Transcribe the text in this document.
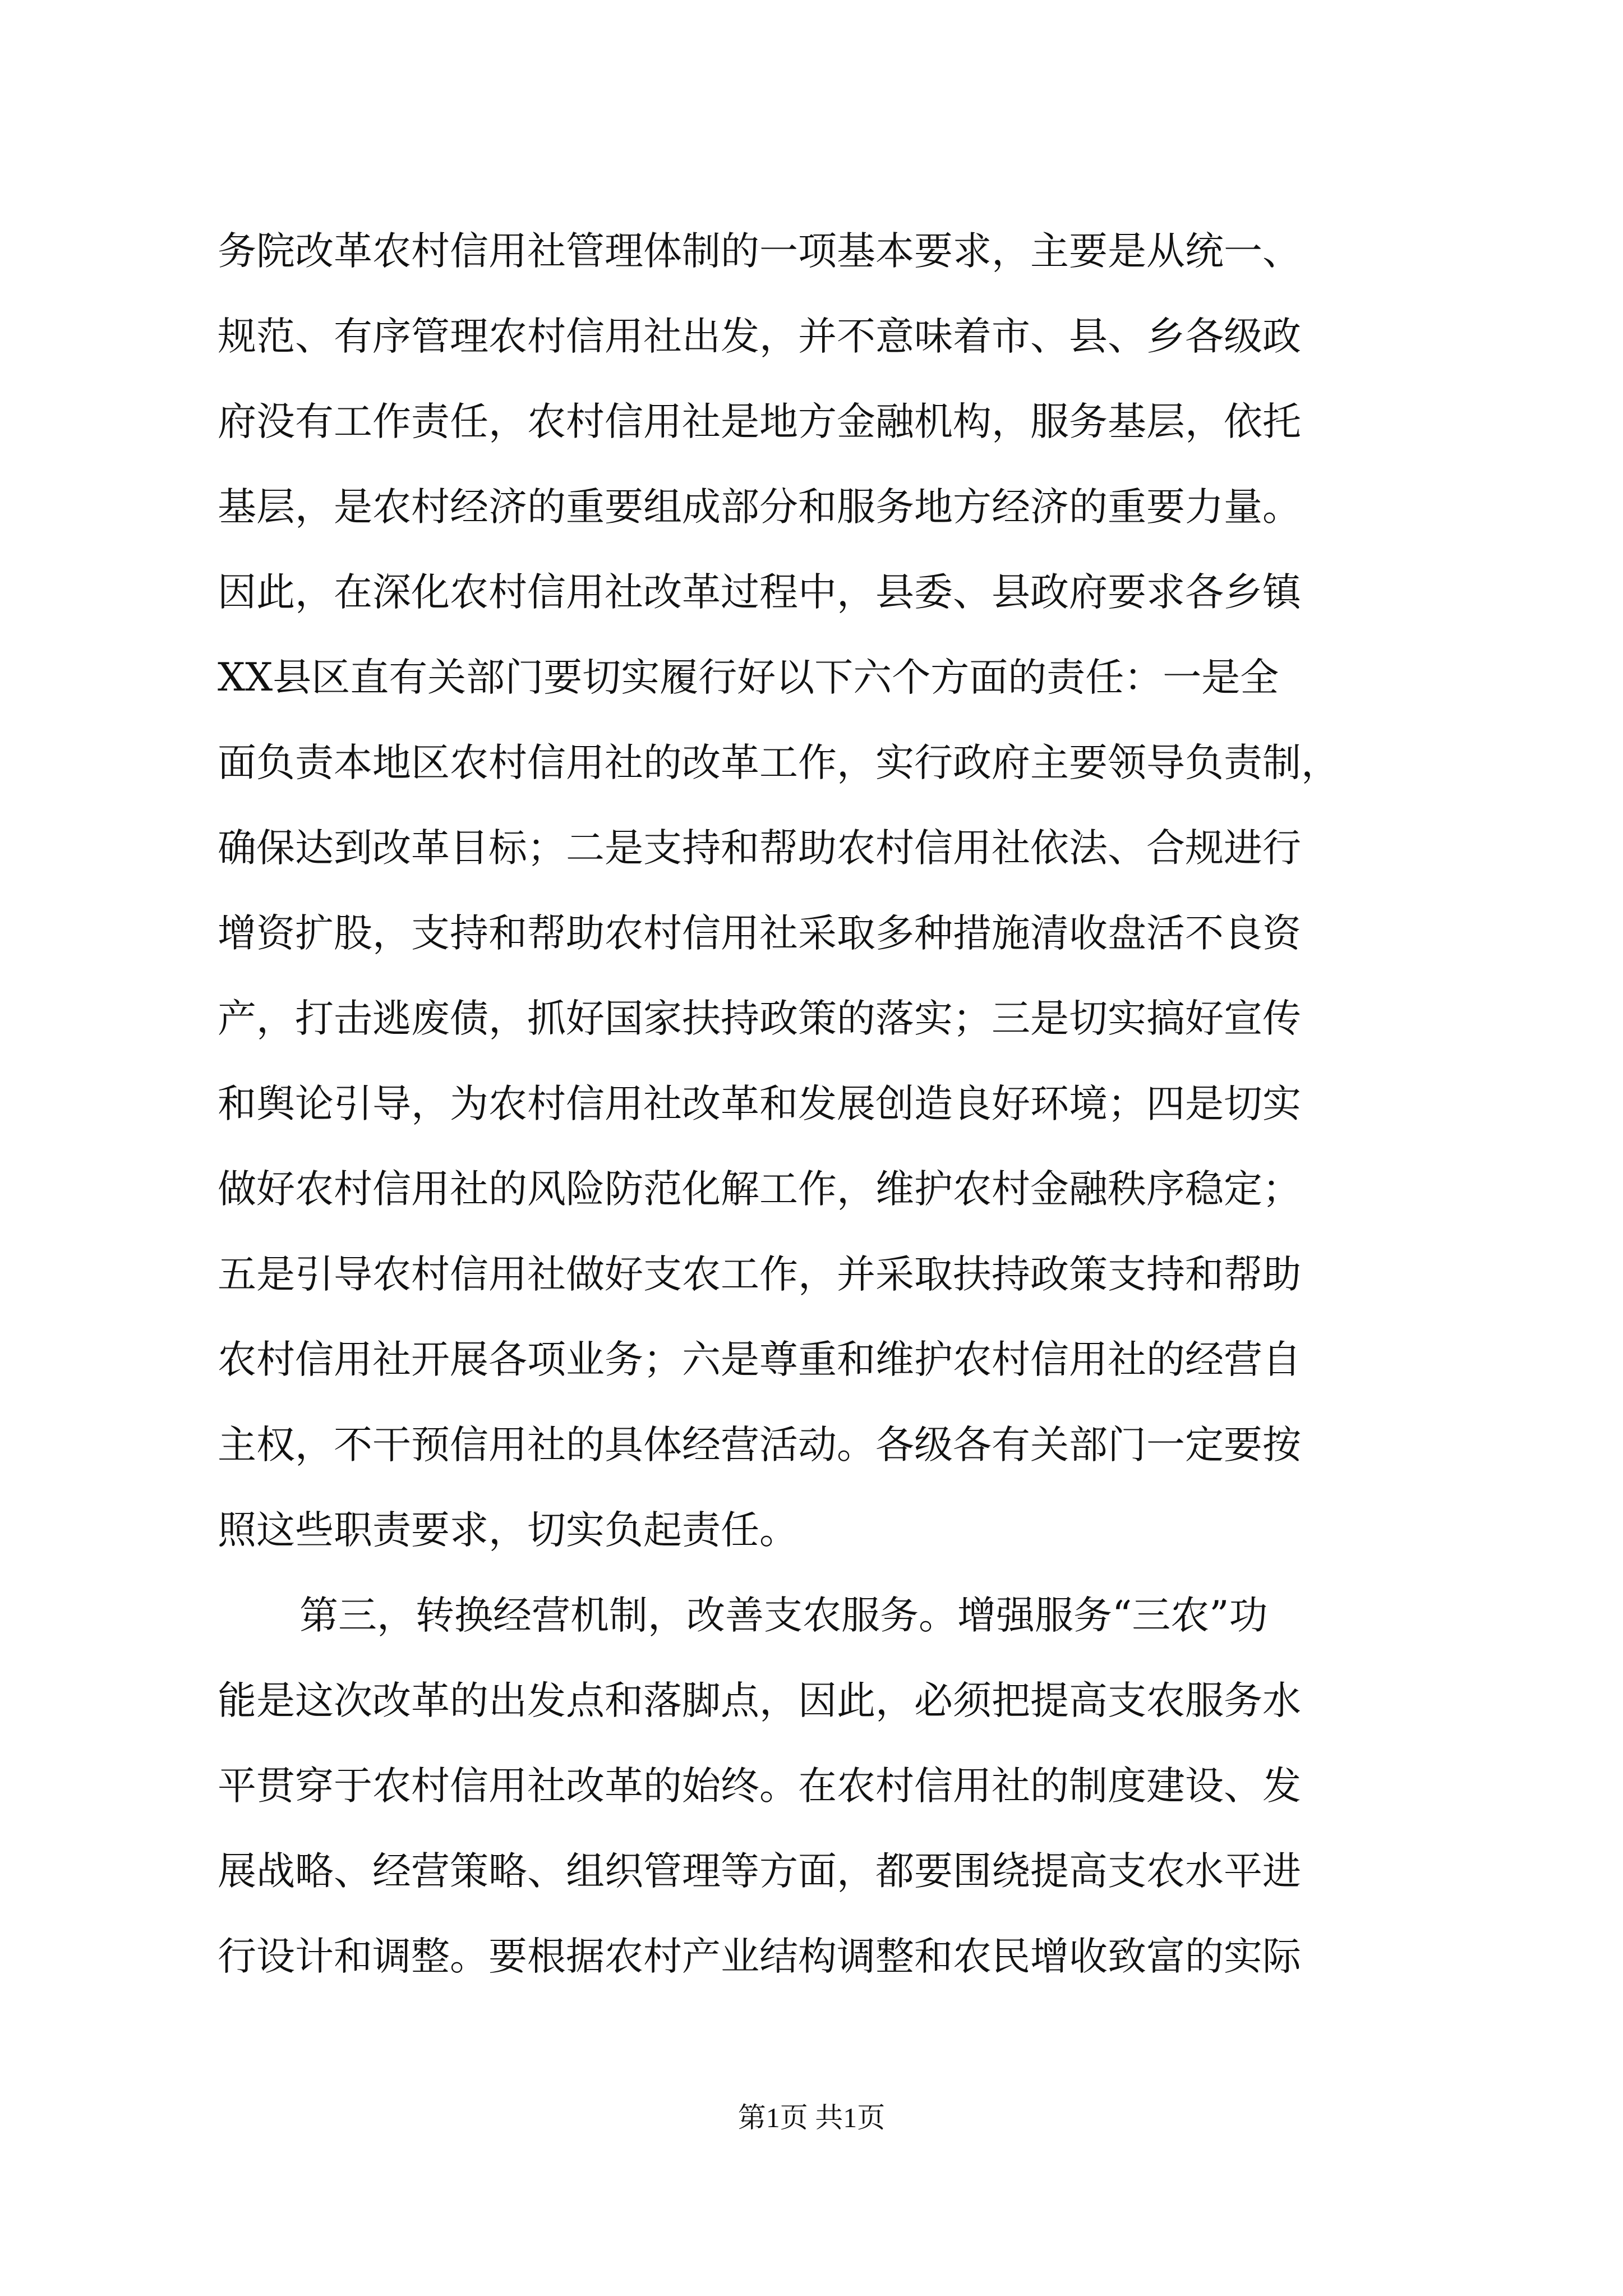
务院改革农村信用社管理体制的一项基本要求，主要是从统一、
规范、有序管理农村信用社出发，并不意味着市、县、乡各级政
府没有工作责任，农村信用社是地方金融机构，服务基层，依托
基层，是农村经济的重要组成部分和服务地方经济的重要力量。
因此，在深化农村信用社改革过程中，县委、县政府要求各乡镇
XX县区直有关部门要切实履行好以下六个方面的责任：一是全
面负责本地区农村信用社的改革工作，实行政府主要领导负责制，
确保达到改革目标；二是支持和帮助农村信用社依法、合规进行
增资扩股，支持和帮助农村信用社采取多种措施清收盘活不良资
产，打击逃废债，抓好国家扶持政策的落实；三是切实搞好宣传
和舆论引导，为农村信用社改革和发展创造良好环境；四是切实
做好农村信用社的风险防范化解工作，维护农村金融秩序稳定；
五是引导农村信用社做好支农工作，并采取扶持政策支持和帮助
农村信用社开展各项业务；六是尊重和维护农村信用社的经营自
主权，不干预信用社的具体经营活动。各级各有关部门一定要按
照这些职责要求，切实负起责任。
第三，转换经营机制，改善支农服务。增强服务“三农”功
能是这次改革的出发点和落脚点，因此，必须把提高支农服务水
平贯穿于农村信用社改革的始终。在农村信用社的制度建设、发
展战略、经营策略、组织管理等方面，都要围绕提高支农水平进
行设计和调整。要根据农村产业结构调整和农民增收致富的实际
第1页 共1页
